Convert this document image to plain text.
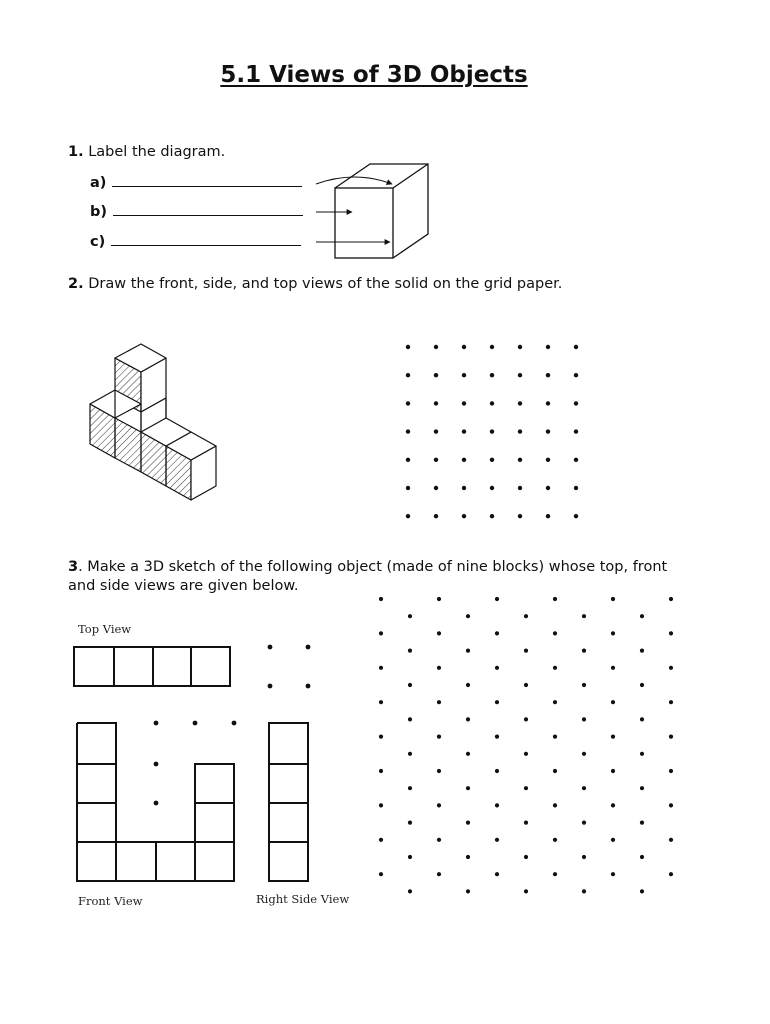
5.1 Views of 3D Objects
1. Label the diagram.
a)
b)
c)
2. Draw the front, side, and top views of the solid on the grid paper.
3. Make a 3D sketch of the following object (made of nine blocks) whose top, front and side views are given below.
Top View
Front View	Right Side View
